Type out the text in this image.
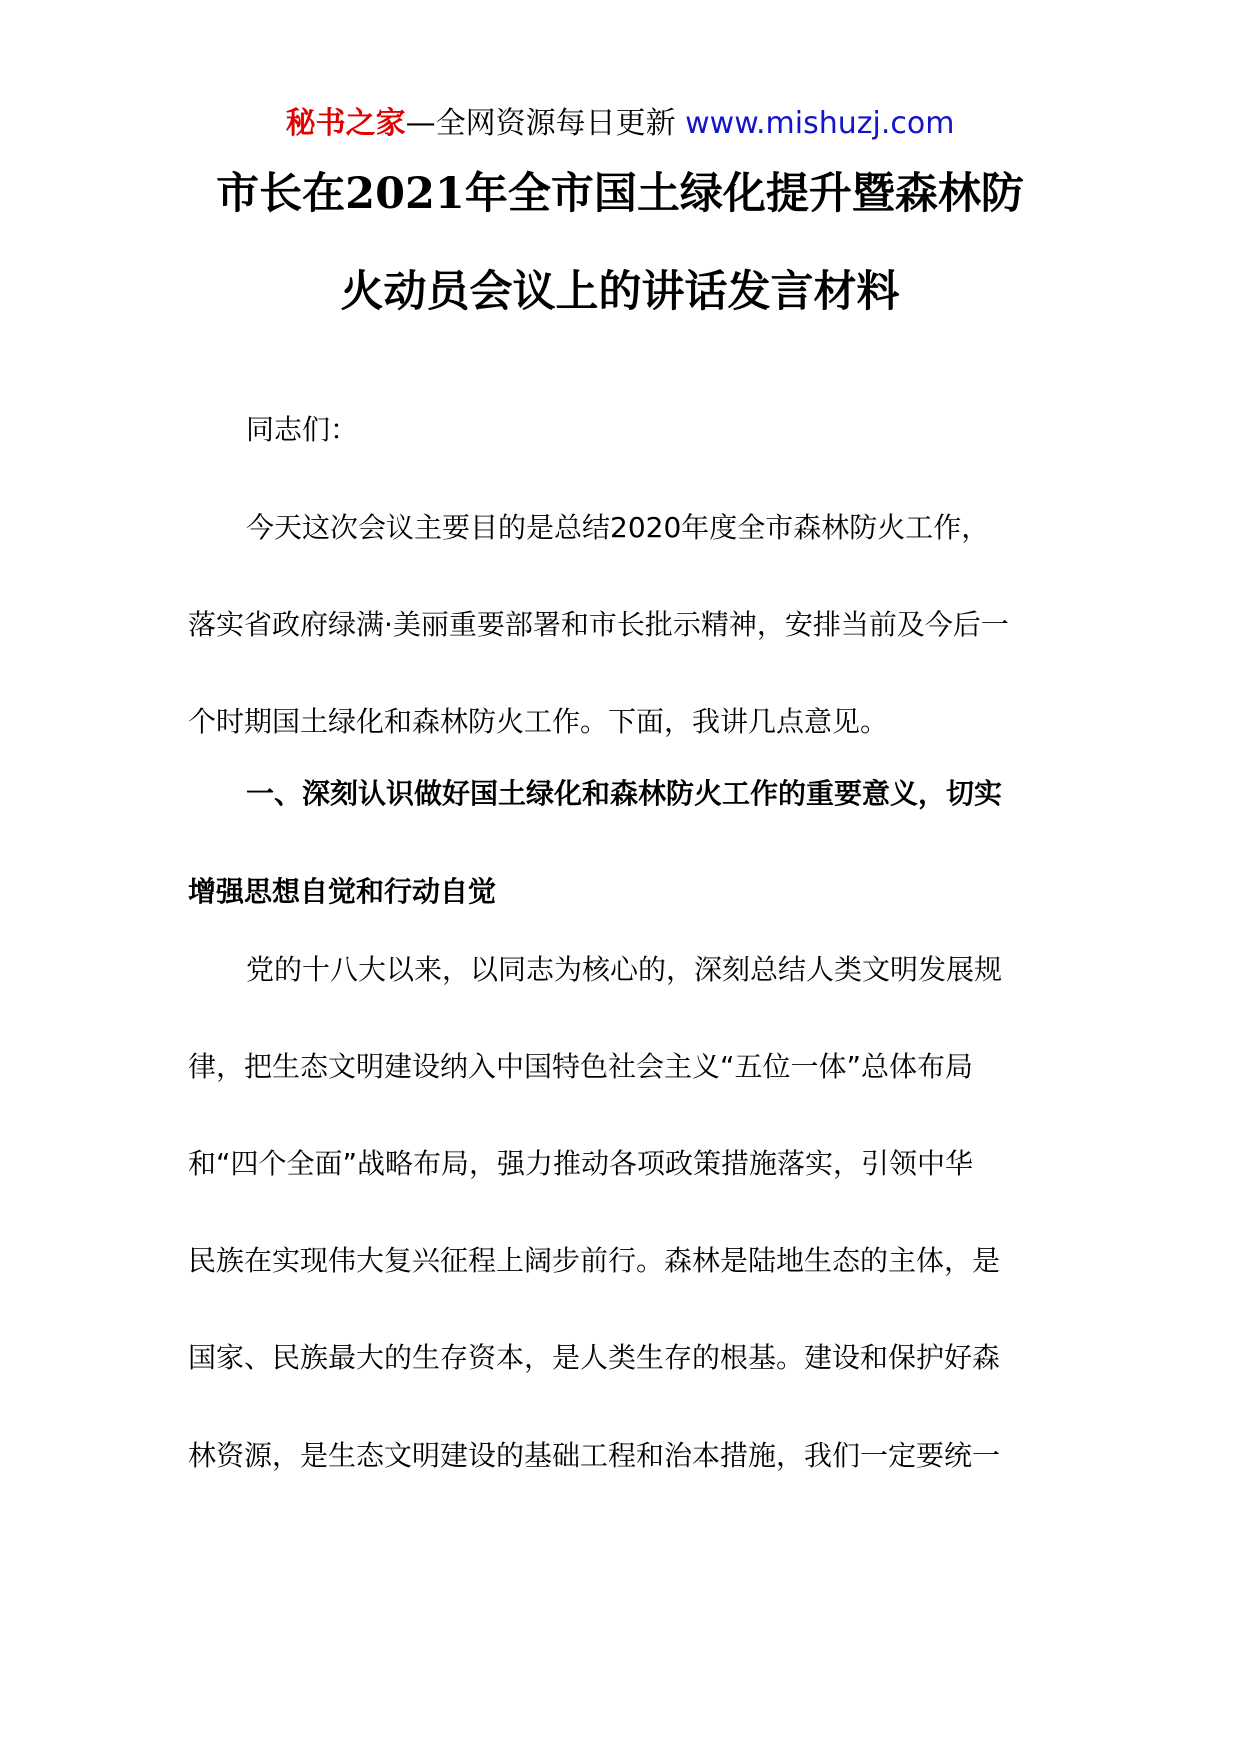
秘书之家—全网资源每日更新 www.mishuzj.com
市长在2021年全市国土绿化提升暨森林防
火动员会议上的讲话发言材料
同志们：
今天这次会议主要目的是总结2020年度全市森林防火工作，
落实省政府绿满·美丽重要部署和市长批示精神，安排当前及今后一
个时期国土绿化和森林防火工作。下面，我讲几点意见。
一、深刻认识做好国土绿化和森林防火工作的重要意义，切实
增强思想自觉和行动自觉
党的十八大以来，以同志为核心的，深刻总结人类文明发展规
律，把生态文明建设纳入中国特色社会主义“五位一体”总体布局
和“四个全面”战略布局，强力推动各项政策措施落实，引领中华
民族在实现伟大复兴征程上阔步前行。森林是陆地生态的主体，是
国家、民族最大的生存资本，是人类生存的根基。建设和保护好森
林资源，是生态文明建设的基础工程和治本措施，我们一定要统一
